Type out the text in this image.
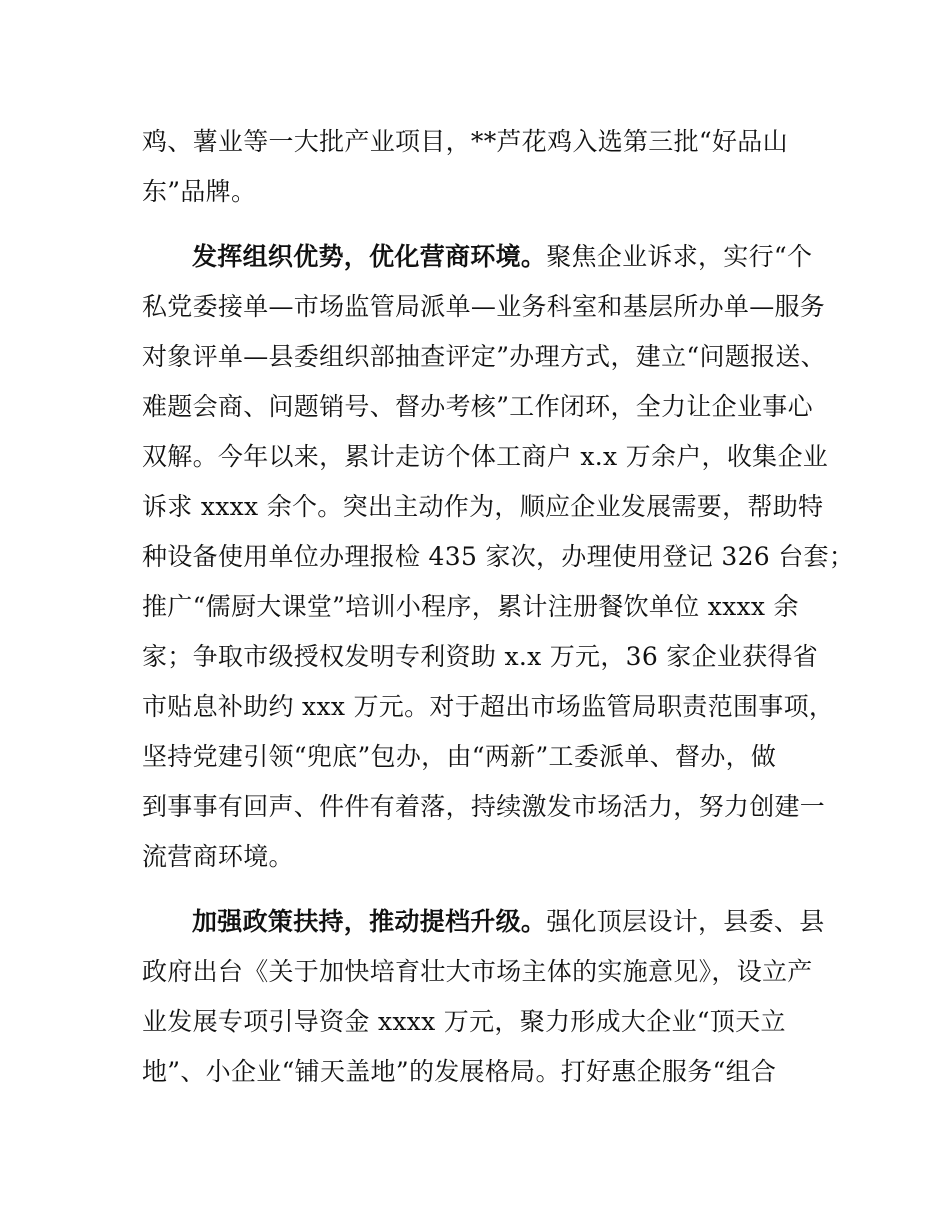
鸡、薯业等一大批产业项目，**芦花鸡入选第三批“好品山
东”品牌。
发挥组织优势，优化营商环境。聚焦企业诉求，实行“个
私党委接单—市场监管局派单—业务科室和基层所办单—服务
对象评单—县委组织部抽查评定”办理方式，建立“问题报送、
难题会商、问题销号、督办考核”工作闭环，全力让企业事心
双解。今年以来，累计走访个体工商户 x.x 万余户，收集企业
诉求 xxxx 余个。突出主动作为，顺应企业发展需要，帮助特
种设备使用单位办理报检 435 家次，办理使用登记 326 台套；
推广“儒厨大课堂”培训小程序，累计注册餐饮单位 xxxx 余
家；争取市级授权发明专利资助 x.x 万元，36 家企业获得省
市贴息补助约 xxx 万元。对于超出市场监管局职责范围事项，
坚持党建引领“兜底”包办，由“两新”工委派单、督办，做
到事事有回声、件件有着落，持续激发市场活力，努力创建一
流营商环境。
加强政策扶持，推动提档升级。强化顶层设计，县委、县
政府出台《关于加快培育壮大市场主体的实施意见》，设立产
业发展专项引导资金 xxxx 万元，聚力形成大企业“顶天立
地”、小企业“铺天盖地”的发展格局。打好惠企服务“组合
